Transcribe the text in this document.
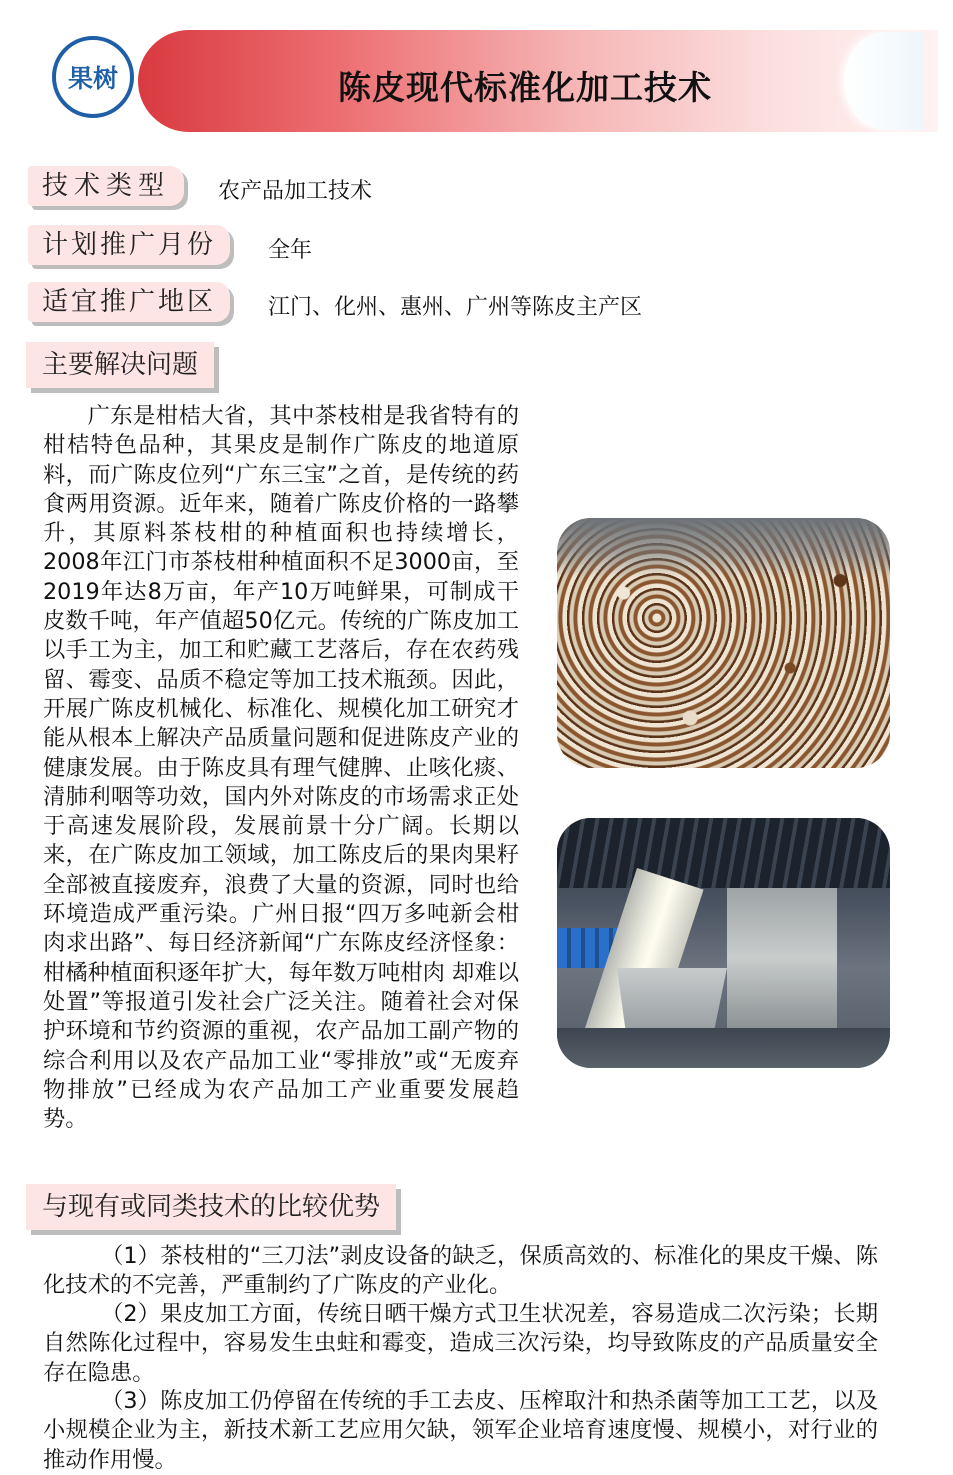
果树	陈皮现代标准化加工技术
技术类型	农产品加工技术
计划推广月份	全年
适宜推广地区	江门、化州、惠州、广州等陈皮主产区
主要解决问题

广东是柑桔大省，其中茶枝柑是我省特有的柑桔特色品种，其果皮是制作广陈皮的地道原料，而广陈皮位列“广东三宝”之首，是传统的药食两用资源。近年来，随着广陈皮价格的一路攀升，其原料茶枝柑的种植面积也持续增长，2008年江门市茶枝柑种植面积不足3000亩，至2019年达8万亩，年产10万吨鲜果，可制成干皮数千吨，年产值超50亿元。传统的广陈皮加工以手工为主，加工和贮藏工艺落后，存在农药残留、霉变、品质不稳定等加工技术瓶颈。因此，开展广陈皮机械化、标准化、规模化加工研究才能从根本上解决产品质量问题和促进陈皮产业的健康发展。由于陈皮具有理气健脾、止咳化痰、清肺利咽等功效，国内外对陈皮的市场需求正处于高速发展阶段，发展前景十分广阔。长期以来，在广陈皮加工领域，加工陈皮后的果肉果籽全部被直接废弃，浪费了大量的资源，同时也给环境造成严重污染。广州日报“四万多吨新会柑肉求出路”、每日经济新闻“广东陈皮经济怪象：柑橘种植面积逐年扩大，每年数万吨柑肉 却难以处置”等报道引发社会广泛关注。随着社会对保护环境和节约资源的重视，农产品加工副产物的综合利用以及农产品加工业“零排放”或“无废弃物排放”已经成为农产品加工产业重要发展趋势。

与现有或同类技术的比较优势

（1）茶枝柑的“三刀法”剥皮设备的缺乏，保质高效的、标准化的果皮干燥、陈化技术的不完善，严重制约了广陈皮的产业化。

（2）果皮加工方面，传统日晒干燥方式卫生状况差，容易造成二次污染；长期自然陈化过程中，容易发生虫蛀和霉变，造成三次污染，均导致陈皮的产品质量安全存在隐患。

（3）陈皮加工仍停留在传统的手工去皮、压榨取汁和热杀菌等加工工艺，以及小规模企业为主，新技术新工艺应用欠缺，领军企业培育速度慢、规模小，对行业的推动作用慢。
